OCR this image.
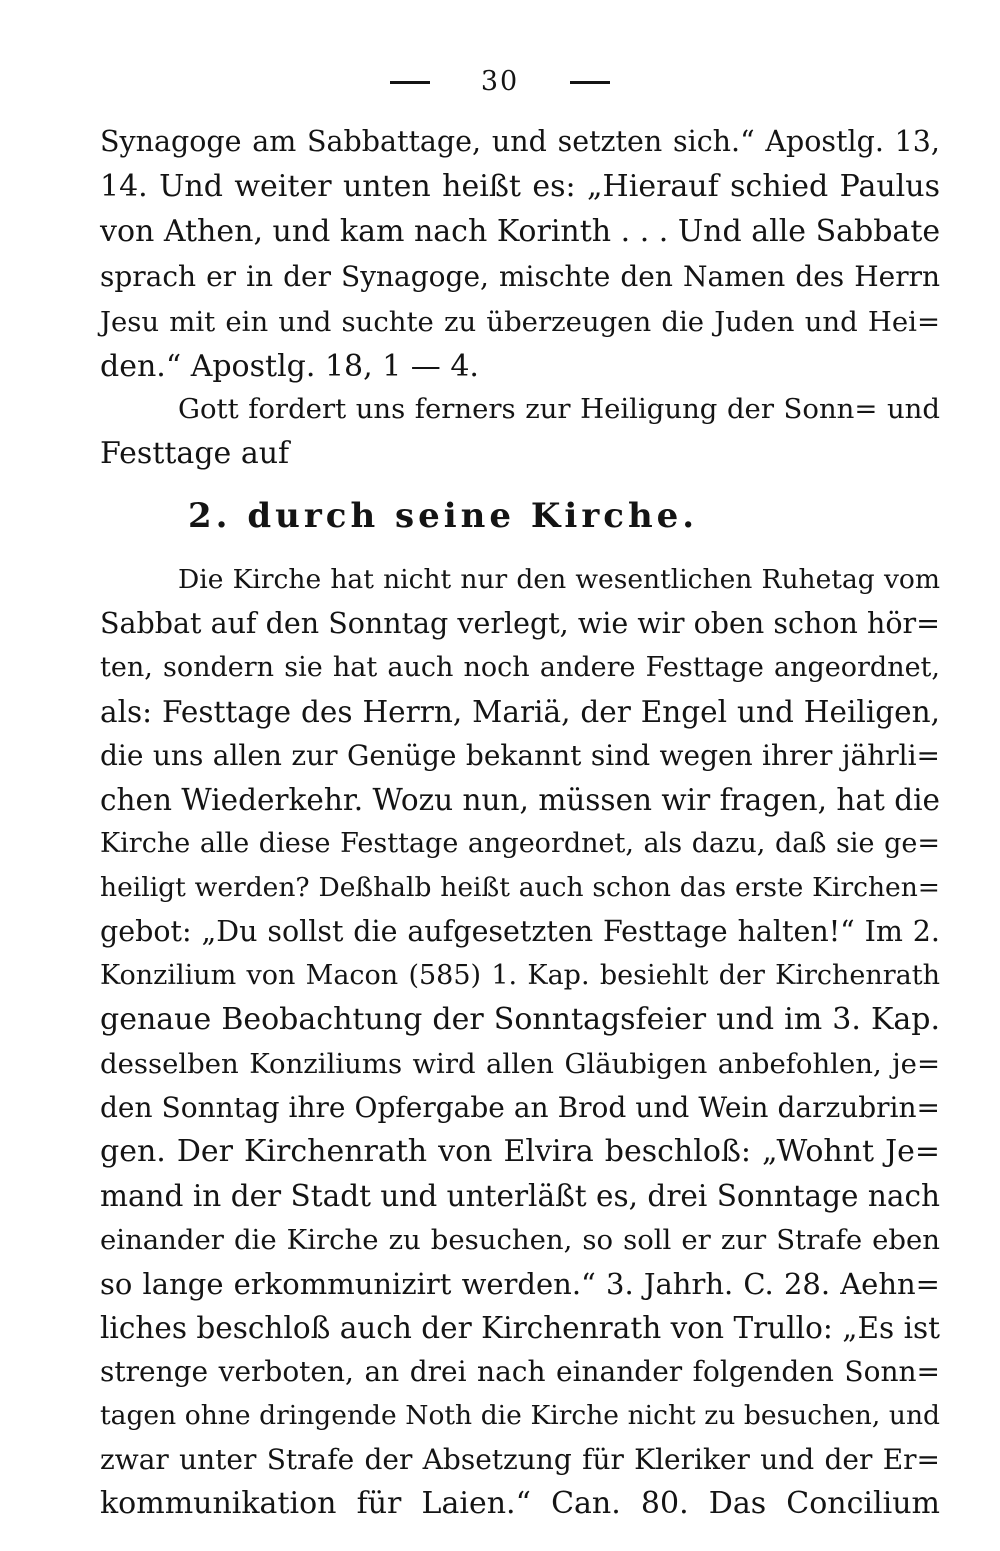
30
Synagoge am Sabbattage, und setzten sich.“ Apostlg. 13,
14. Und weiter unten heißt es: „Hierauf schied Paulus
von Athen, und kam nach Korinth . . . Und alle Sabbate
sprach er in der Synagoge, mischte den Namen des Herrn
Jesu mit ein und suchte zu überzeugen die Juden und Hei=
den.“ Apostlg. 18, 1 — 4.
Gott fordert uns ferners zur Heiligung der Sonn= und
Festtage auf
2. durch seine Kirche.
Die Kirche hat nicht nur den wesentlichen Ruhetag vom
Sabbat auf den Sonntag verlegt, wie wir oben schon hör=
ten, sondern sie hat auch noch andere Festtage angeordnet,
als: Festtage des Herrn, Mariä, der Engel und Heiligen,
die uns allen zur Genüge bekannt sind wegen ihrer jährli=
chen Wiederkehr. Wozu nun, müssen wir fragen, hat die
Kirche alle diese Festtage angeordnet, als dazu, daß sie ge=
heiligt werden? Deßhalb heißt auch schon das erste Kirchen=
gebot: „Du sollst die aufgesetzten Festtage halten!“ Im 2.
Konzilium von Macon (585) 1. Kap. besiehlt der Kirchenrath
genaue Beobachtung der Sonntagsfeier und im 3. Kap.
desselben Konziliums wird allen Gläubigen anbefohlen, je=
den Sonntag ihre Opfergabe an Brod und Wein darzubrin=
gen. Der Kirchenrath von Elvira beschloß: „Wohnt Je=
mand in der Stadt und unterläßt es, drei Sonntage nach
einander die Kirche zu besuchen, so soll er zur Strafe eben
so lange erkommunizirt werden.“ 3. Jahrh. C. 28. Aehn=
liches beschloß auch der Kirchenrath von Trullo: „Es ist
strenge verboten, an drei nach einander folgenden Sonn=
tagen ohne dringende Noth die Kirche nicht zu besuchen, und
zwar unter Strafe der Absetzung für Kleriker und der Er=
kommunikation für Laien.“ Can. 80. Das Concilium
